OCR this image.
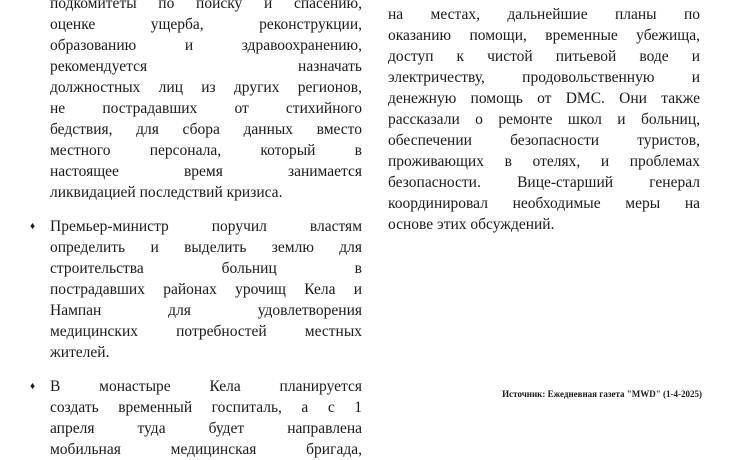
подкомитеты по поиску и спасению,
оценке ущерба, реконструкции,
образованию и здравоохранению,
рекомендуется назначать
должностных лиц из других регионов,
не пострадавших от стихийного
бедствия, для сбора данных вместо
местного персонала, который в
настоящее время занимается
ликвидацией последствий кризиса.
♦ Премьер-министр поручил властям
определить и выделить землю для
строительства больниц в
пострадавших районах урочищ Кела и
Нампан для удовлетворения
медицинских потребностей местных
жителей.
♦ В монастыре Кела планируется
создать временный госпиталь, а с 1
апреля туда будет направлена
мобильная медицинская бригада,
на местах, дальнейшие планы по
оказанию помощи, временные убежища,
доступ к чистой питьевой воде и
электричеству, продовольственную и
денежную помощь от DMC. Они также
рассказали о ремонте школ и больниц,
обеспечении безопасности туристов,
проживающих в отелях, и проблемах
безопасности. Вице-старший генерал
координировал необходимые меры на
основе этих обсуждений.
Источник: Ежедневная газета "MWD" (1-4-2025)
